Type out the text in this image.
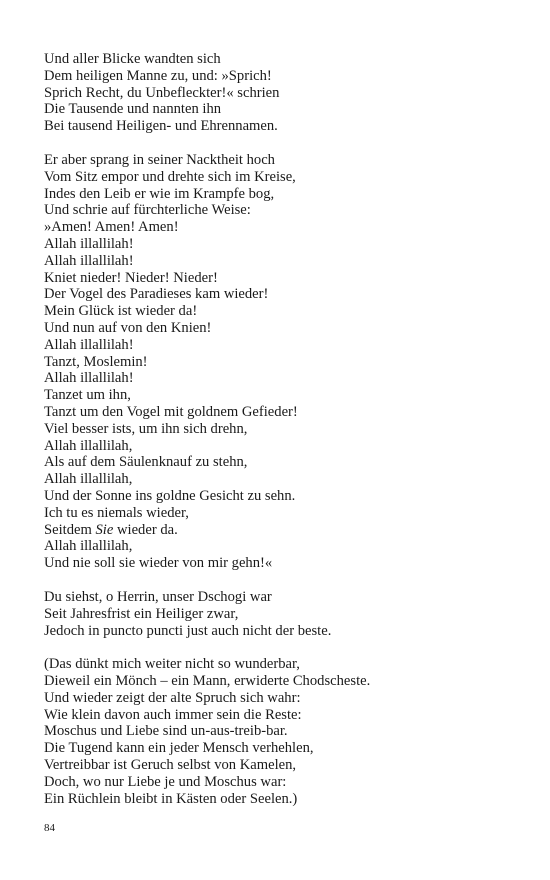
Und aller Blicke wandten sich
Dem heiligen Manne zu, und: »Sprich!
Sprich Recht, du Unbefleckter!« schrien
Die Tausende und nannten ihn
Bei tausend Heiligen- und Ehrennamen.
Er aber sprang in seiner Nacktheit hoch
Vom Sitz empor und drehte sich im Kreise,
Indes den Leib er wie im Krampfe bog,
Und schrie auf fürchterliche Weise:
»Amen! Amen! Amen!
Allah illallilah!
Allah illallilah!
Kniet nieder! Nieder! Nieder!
Der Vogel des Paradieses kam wieder!
Mein Glück ist wieder da!
Und nun auf von den Knien!
Allah illallilah!
Tanzt, Moslemin!
Allah illallilah!
Tanzet um ihn,
Tanzt um den Vogel mit goldnem Gefieder!
Viel besser ists, um ihn sich drehn,
Allah illallilah,
Als auf dem Säulenknauf zu stehn,
Allah illallilah,
Und der Sonne ins goldne Gesicht zu sehn.
Ich tu es niemals wieder,
Seitdem Sie wieder da.
Allah illallilah,
Und nie soll sie wieder von mir gehn!«
Du siehst, o Herrin, unser Dschogi war
Seit Jahresfrist ein Heiliger zwar,
Jedoch in puncto puncti just auch nicht der beste.
(Das dünkt mich weiter nicht so wunderbar,
Dieweil ein Mönch – ein Mann, erwiderte Chodscheste.
Und wieder zeigt der alte Spruch sich wahr:
Wie klein davon auch immer sein die Reste:
Moschus und Liebe sind un-aus-treib-bar.
Die Tugend kann ein jeder Mensch verhehlen,
Vertreibbar ist Geruch selbst von Kamelen,
Doch, wo nur Liebe je und Moschus war:
Ein Rüchlein bleibt in Kästen oder Seelen.)
84
